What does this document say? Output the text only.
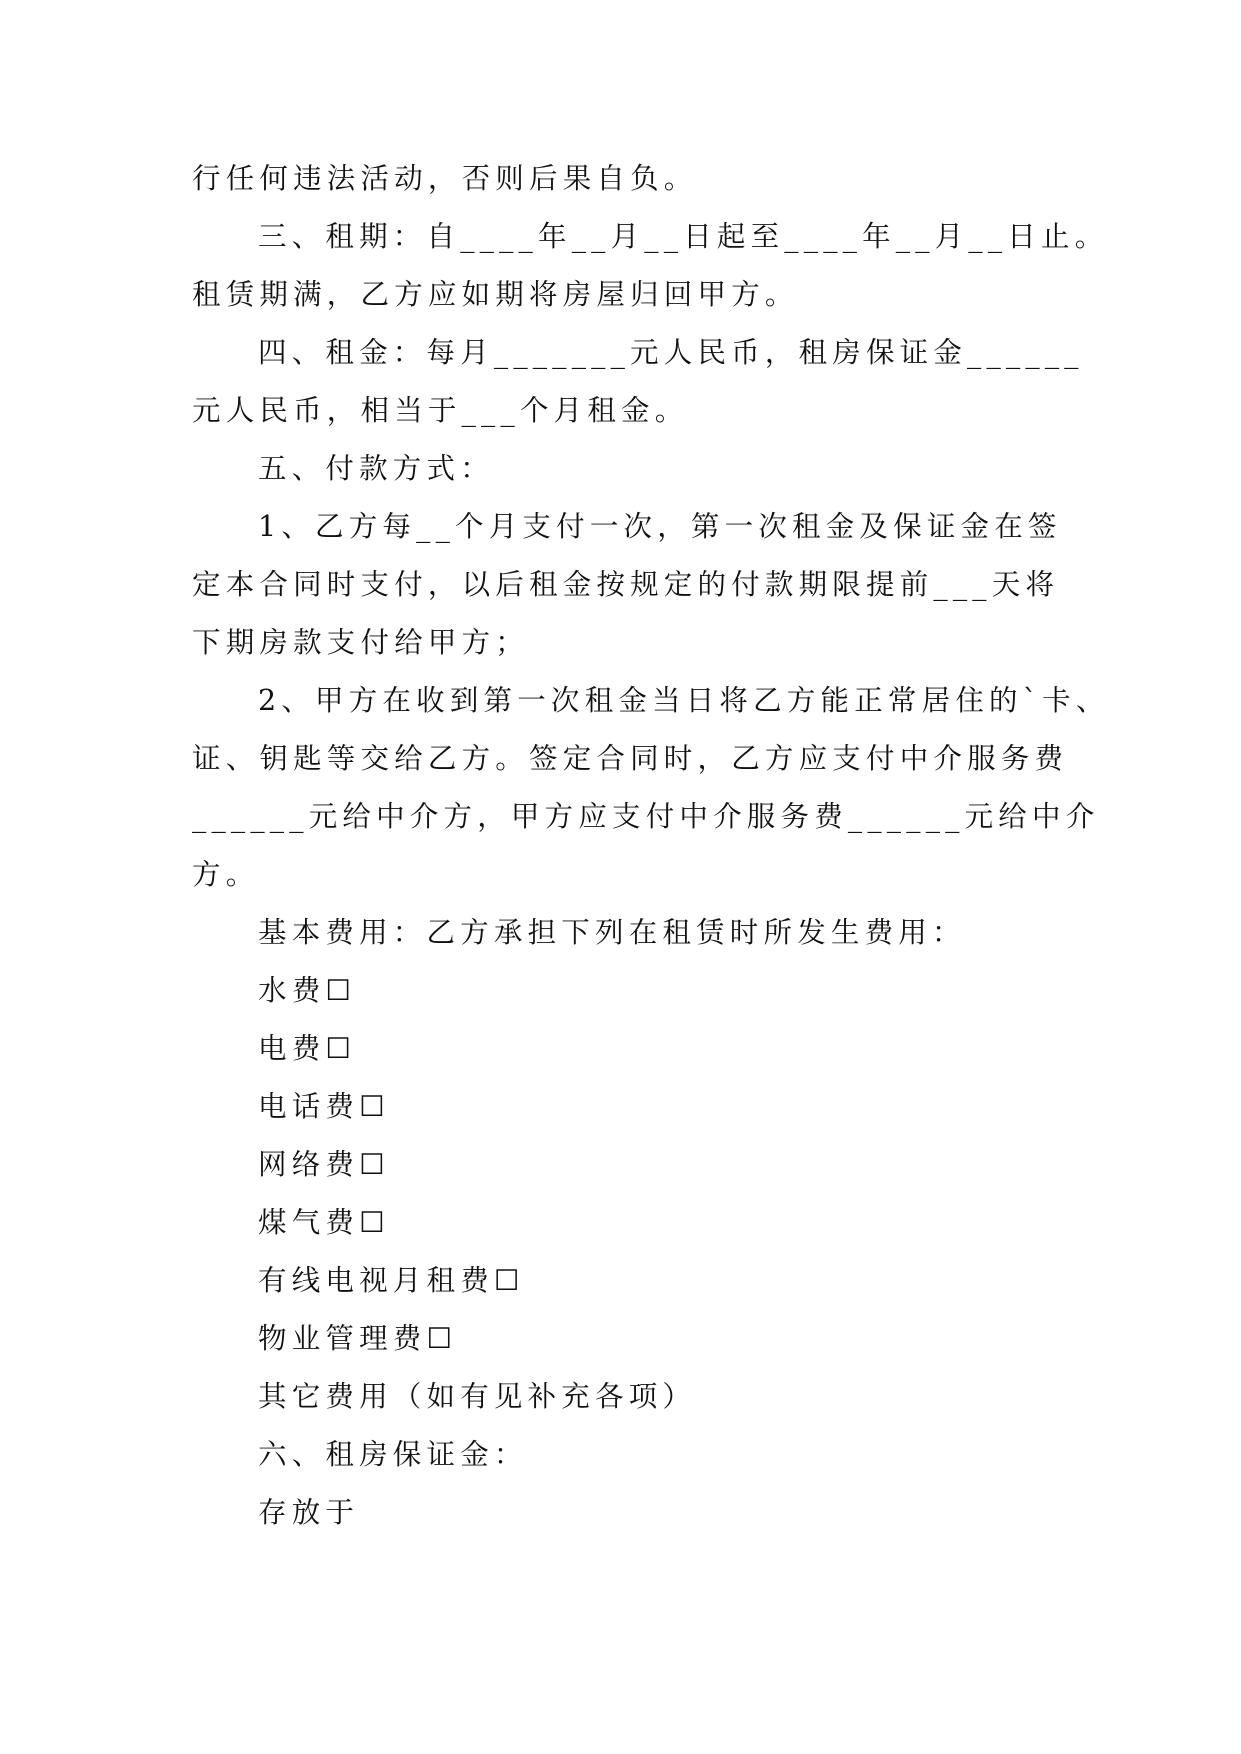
行任何违法活动，否则后果自负。
三、租期：自____年__月__日起至____年__月__日止。
租赁期满，乙方应如期将房屋归回甲方。
四、租金：每月_______元人民币，租房保证金______
元人民币，相当于___个月租金。
五、付款方式：
1、乙方每__个月支付一次，第一次租金及保证金在签
定本合同时支付，以后租金按规定的付款期限提前___天将
下期房款支付给甲方；
2、甲方在收到第一次租金当日将乙方能正常居住的`卡、
证、钥匙等交给乙方。签定合同时，乙方应支付中介服务费
______元给中介方，甲方应支付中介服务费______元给中介
方。
基本费用：乙方承担下列在租赁时所发生费用：
水费☐
电费☐
电话费☐
网络费☐
煤气费☐
有线电视月租费☐
物业管理费☐
其它费用（如有见补充各项）
六、租房保证金：
存放于
